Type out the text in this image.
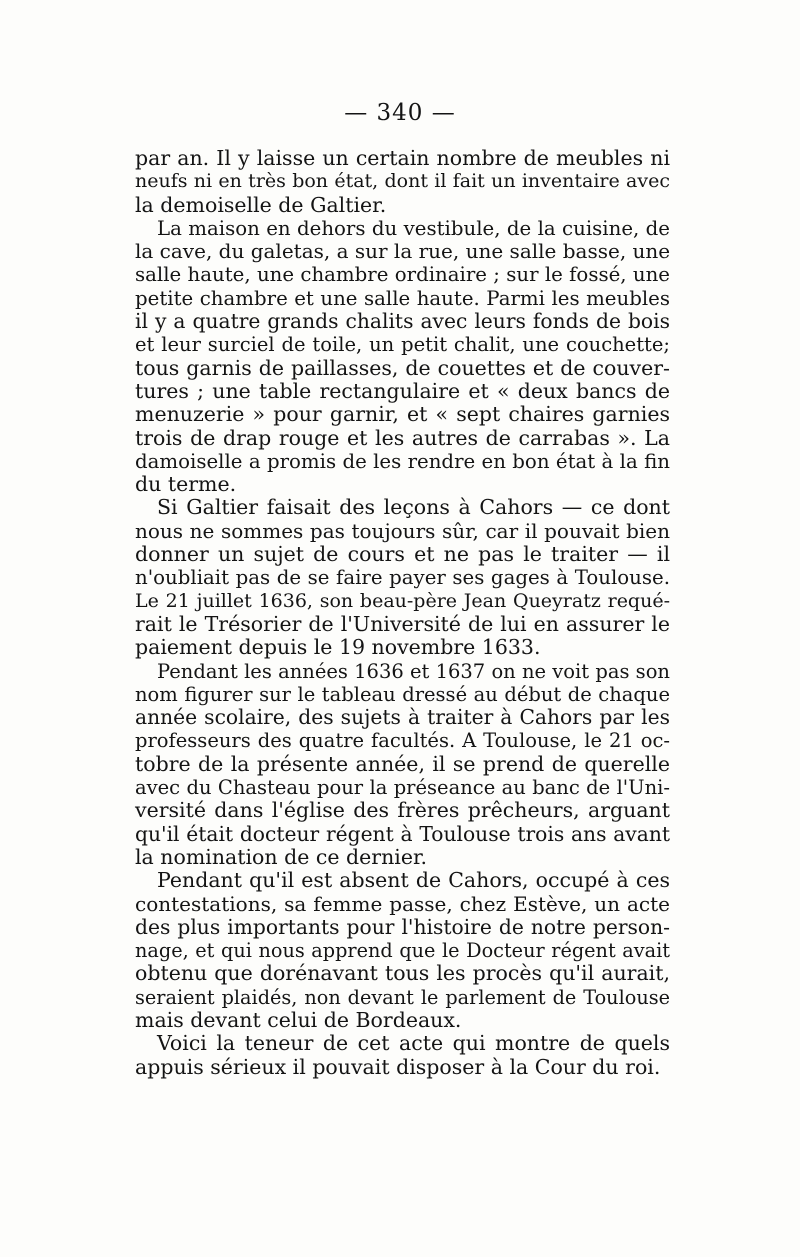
— 340 —
par an. Il y laisse un certain nombre de meubles ni
neufs ni en très bon état, dont il fait un inventaire avec
la demoiselle de Galtier.
La maison en dehors du vestibule, de la cuisine, de
la cave, du galetas, a sur la rue, une salle basse, une
salle haute, une chambre ordinaire ; sur le fossé, une
petite chambre et une salle haute. Parmi les meubles
il y a quatre grands chalits avec leurs fonds de bois
et leur surciel de toile, un petit chalit, une couchette;
tous garnis de paillasses, de couettes et de couver-
tures ; une table rectangulaire et « deux bancs de
menuzerie » pour garnir, et « sept chaires garnies
trois de drap rouge et les autres de carrabas ». La
damoiselle a promis de les rendre en bon état à la fin
du terme.
Si Galtier faisait des leçons à Cahors — ce dont
nous ne sommes pas toujours sûr, car il pouvait bien
donner un sujet de cours et ne pas le traiter — il
n'oubliait pas de se faire payer ses gages à Toulouse.
Le 21 juillet 1636, son beau-père Jean Queyratz requé-
rait le Trésorier de l'Université de lui en assurer le
paiement depuis le 19 novembre 1633.
Pendant les années 1636 et 1637 on ne voit pas son
nom figurer sur le tableau dressé au début de chaque
année scolaire, des sujets à traiter à Cahors par les
professeurs des quatre facultés. A Toulouse, le 21 oc-
tobre de la présente année, il se prend de querelle
avec du Chasteau pour la préseance au banc de l'Uni-
versité dans l'église des frères prêcheurs, arguant
qu'il était docteur régent à Toulouse trois ans avant
la nomination de ce dernier.
Pendant qu'il est absent de Cahors, occupé à ces
contestations, sa femme passe, chez Estève, un acte
des plus importants pour l'histoire de notre person-
nage, et qui nous apprend que le Docteur régent avait
obtenu que dorénavant tous les procès qu'il aurait,
seraient plaidés, non devant le parlement de Toulouse
mais devant celui de Bordeaux.
Voici la teneur de cet acte qui montre de quels
appuis sérieux il pouvait disposer à la Cour du roi.
